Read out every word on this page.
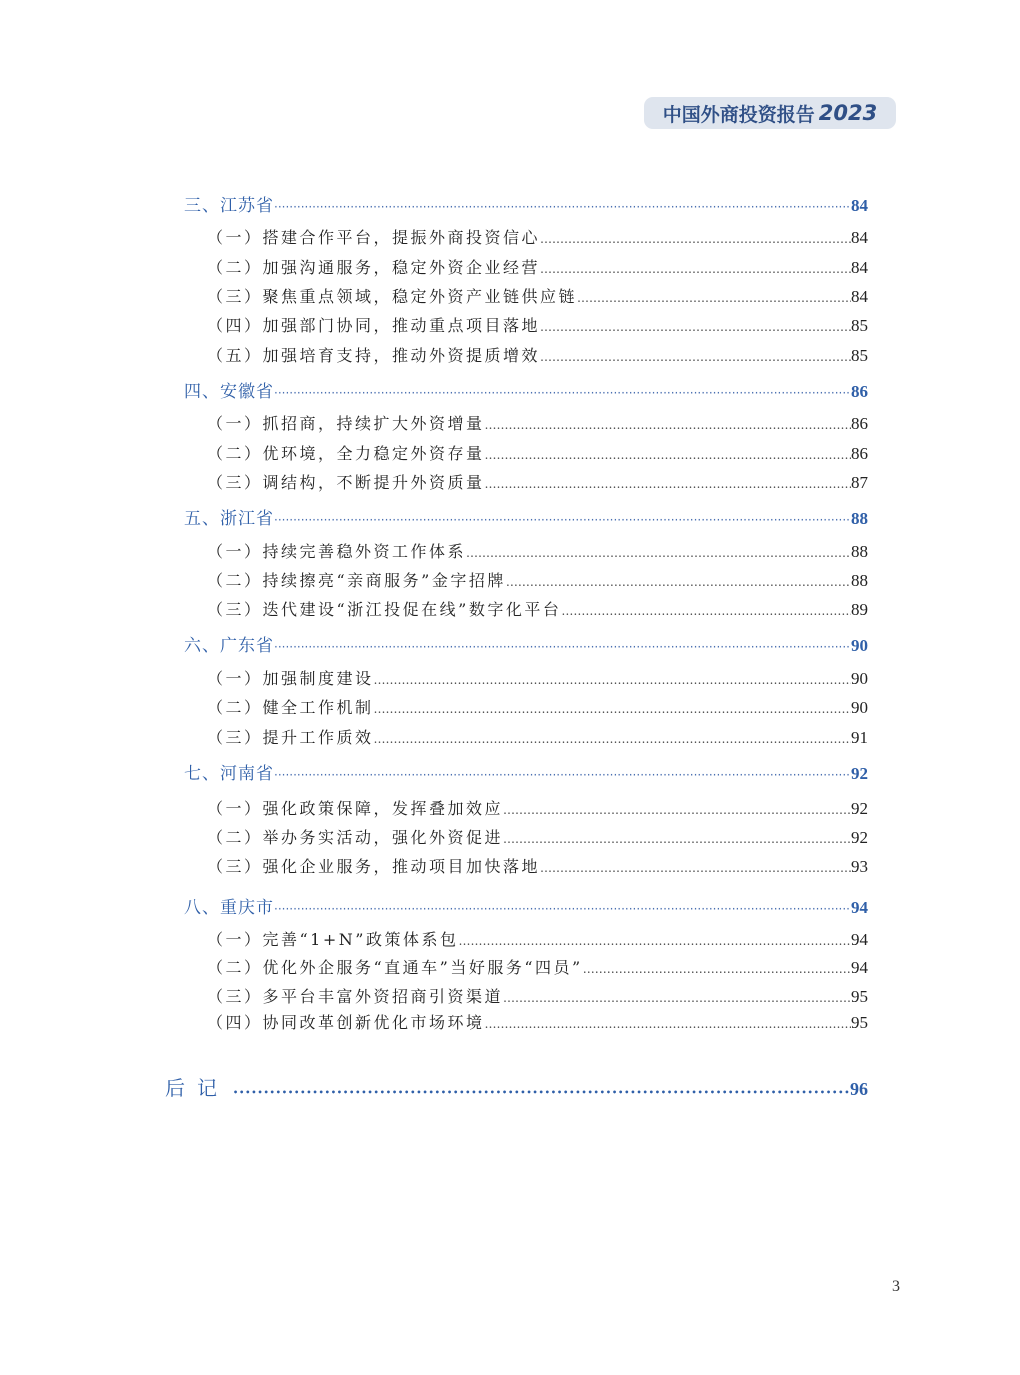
中国外商投资报告 2023
三、江苏省 ·····	84
（一）搭建合作平台，提振外商投资信心 ……………………………………………………………………………………………………………………………………………………………………………………	84
（二）加强沟通服务，稳定外资企业经营 ……………………………………………………………………………………………………………………………………………………………………………………	84
（三）聚焦重点领域，稳定外资产业链供应链 ……………………………………………………………………………………………………………………………………………………………………………………	84
（四）加强部门协同，推动重点项目落地 ……………………………………………………………………………………………………………………………………………………………………………………	85
（五）加强培育支持，推动外资提质增效 ……………………………………………………………………………………………………………………………………………………………………………………	85
四、安徽省 ·····	86
（一）抓招商，持续扩大外资增量 ……………………………………………………………………………………………………………………………………………………………………………………	86
（二）优环境，全力稳定外资存量 ……………………………………………………………………………………………………………………………………………………………………………………	86
（三）调结构，不断提升外资质量 ……………………………………………………………………………………………………………………………………………………………………………………	87
五、浙江省 ·····	88
（一）持续完善稳外资工作体系 ……………………………………………………………………………………………………………………………………………………………………………………	88
（二）持续擦亮“亲商服务”金字招牌 ……………………………………………………………………………………………………………………………………………………………………………………	88
（三）迭代建设“浙江投促在线”数字化平台 ……………………………………………………………………………………………………………………………………………………………………………………	89
六、广东省 ·····	90
（一）加强制度建设 ……………………………………………………………………………………………………………………………………………………………………………………	90
（二）健全工作机制 ……………………………………………………………………………………………………………………………………………………………………………………	90
（三）提升工作质效 ……………………………………………………………………………………………………………………………………………………………………………………	91
七、河南省 ·····	92
（一）强化政策保障，发挥叠加效应 ……………………………………………………………………………………………………………………………………………………………………………………	92
（二）举办务实活动，强化外资促进 ……………………………………………………………………………………………………………………………………………………………………………………	92
（三）强化企业服务，推动项目加快落地 ……………………………………………………………………………………………………………………………………………………………………………………	93
八、重庆市 ·····	94
（一）完善“1+N”政策体系包 ……………………………………………………………………………………………………………………………………………………………………………………	94
（二）优化外企服务“直通车”当好服务“四员” ……………………………………………………………………………………………………………………………………………………………………………………	94
（三）多平台丰富外资招商引资渠道 ……………………………………………………………………………………………………………………………………………………………………………………	95
（四）协同改革创新优化市场环境 ……………………………………………………………………………………………………………………………………………………………………………………	95
后记 •••••	96
3
